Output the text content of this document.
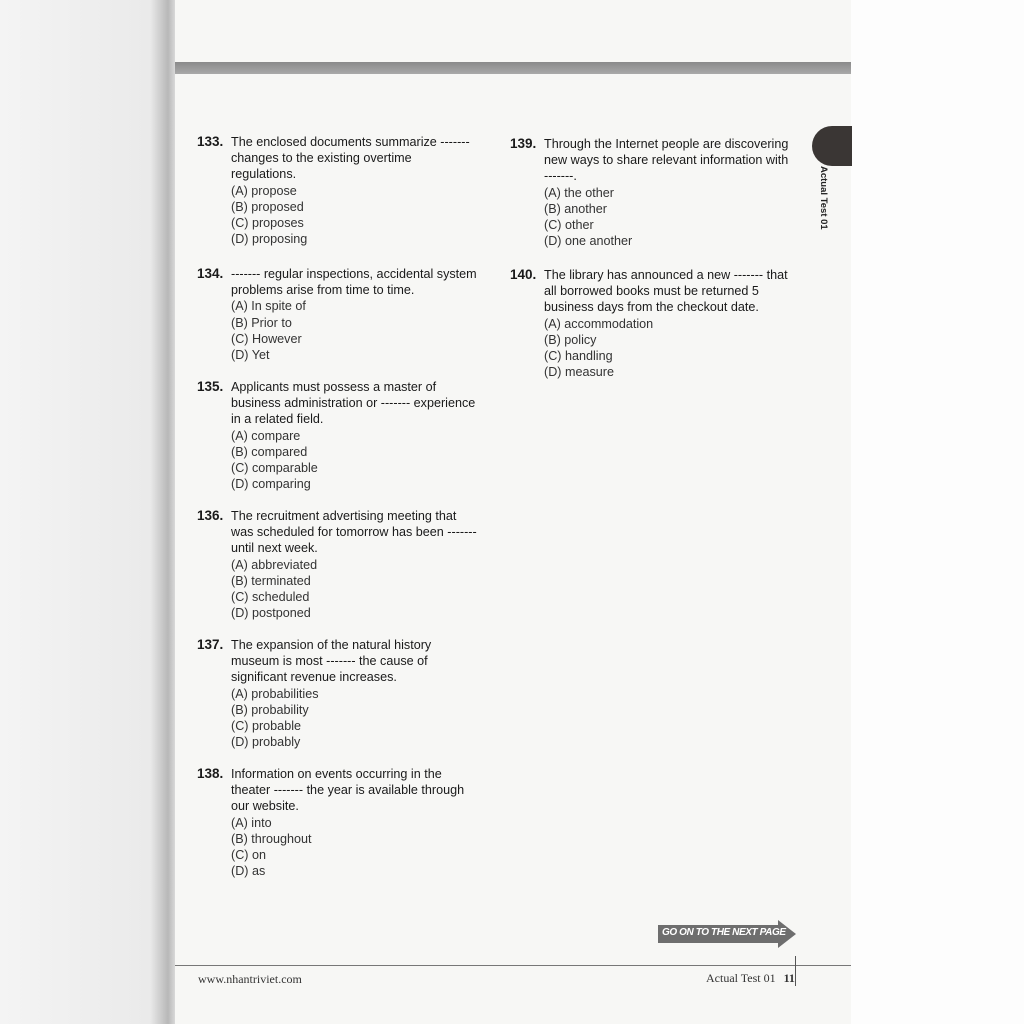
Actual Test 01
133. The enclosed documents summarize -------
changes to the existing overtime
regulations.
(A) propose
(B) proposed
(C) proposes
(D) proposing
134. ------- regular inspections, accidental system
problems arise from time to time.
(A) In spite of
(B) Prior to
(C) However
(D) Yet
135. Applicants must possess a master of
business administration or ------- experience
in a related field.
(A) compare
(B) compared
(C) comparable
(D) comparing
136. The recruitment advertising meeting that
was scheduled for tomorrow has been -------
until next week.
(A) abbreviated
(B) terminated
(C) scheduled
(D) postponed
137. The expansion of the natural history
museum is most ------- the cause of
significant revenue increases.
(A) probabilities
(B) probability
(C) probable
(D) probably
138. Information on events occurring in the
theater ------- the year is available through
our website.
(A) into
(B) throughout
(C) on
(D) as
139. Through the Internet people are discovering
new ways to share relevant information with
-------.
(A) the other
(B) another
(C) other
(D) one another
140. The library has announced a new ------- that
all borrowed books must be returned 5
business days from the checkout date.
(A) accommodation
(B) policy
(C) handling
(D) measure
GO ON TO THE NEXT PAGE
www.nhantriviet.com	Actual Test 01 11
